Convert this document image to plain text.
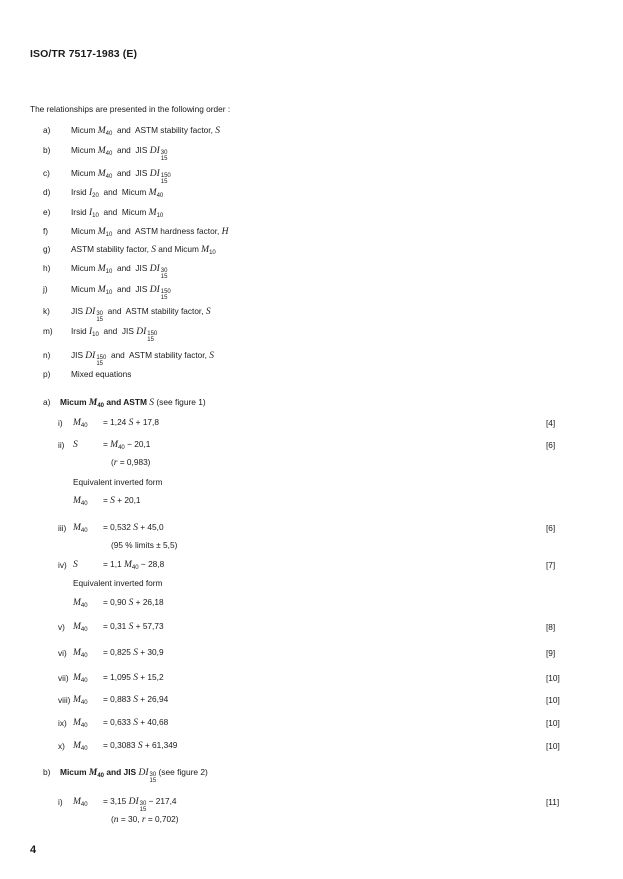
ISO/TR 7517-1983 (E)
The relationships are presented in the following order :
a) Micum $M_{40}$  and  ASTM stability factor, S
b) Micum $M_{40}$  and  JIS DI 30
15
c)	Micum $M_{40}$  and  JIS DI 150
15
d) Irsid $I_{20}$  and  Micum $M_{40}$
e) Irsid $I_{10}$  and  Micum $M_{10}$
f)	Micum $M_{10}$  and  ASTM hardness factor, H
g) ASTM stability factor, S and Micum $M_{10}$
h) Micum $M_{10}$  and  JIS DI 30
15
j)	Micum $M_{10}$  and  JIS DI 150
15
k)	JIS DI 30
15
and  ASTM stability factor, S
m) Irsid $I_{10}$  and  JIS DI 150
15
n) JIS DI 150
15
and  ASTM stability factor, S
p) Mixed equations
a) Micum $M_{40}$ and ASTM S (see figure 1)
i) $M_{40} = 1,24$ S + 17,8	[4]
ii) S	= $M_{40} - 20,1$	[6]
(r = 0,983)
iii) $M_{40} = 0,532$ S + 45,0	[6]
(95 % limits ± 5,5)
iv) S	= 1,1 $M_{40} - 28,8$	[7]
v) $M_{40} = 0,31$ S + 57,73	[8]
vi) $M_{40} = 0,825$ S + 30,9	[9]
vii) $M_{40} = 1,095$ S + 15,2	[10]
viii) $M_{40} = 0,883$ S + 26,94	[10]
ix) $M_{40} = 0,633$ S + 40,68	[10]
x) $M_{40} = 0,3083$ S + 61,349	[10]
Equivalent inverted form
$M_{40} = S + 20,1$
Equivalent inverted form
$M_{40} = 0,90$ S + 26,18
b) Micum $M_{40}$ and JIS DI 30
15
(see figure 2)
i) $M_{40} = 3,15$ DI 30
15
− 217,4	[11]
(n = 30, r = 0,702)
4
